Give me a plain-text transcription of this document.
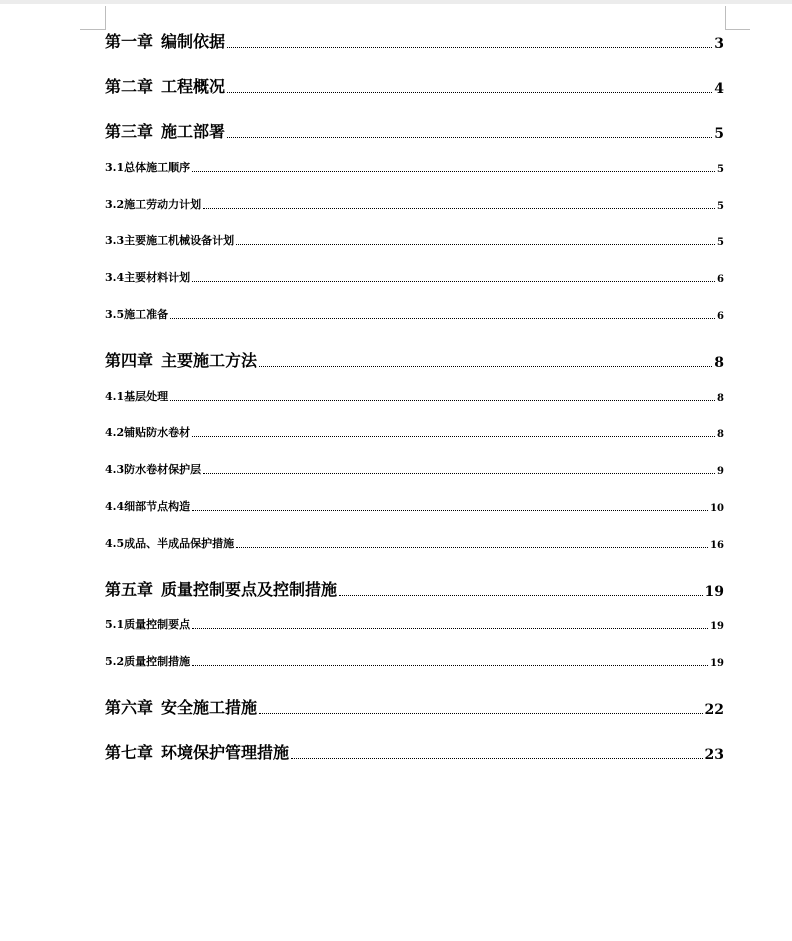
第一章 编制依据	3
第二章 工程概况	4
第三章 施工部署	5
3.1总体施工顺序	5
3.2施工劳动力计划	5
3.3主要施工机械设备计划	5
3.4主要材料计划	6
3.5施工准备	6
第四章 主要施工方法	8
4.1基层处理	8
4.2铺贴防水卷材	8
4.3防水卷材保护层	9
4.4细部节点构造	10
4.5成品、半成品保护措施	16
第五章 质量控制要点及控制措施	19
5.1质量控制要点	19
5.2质量控制措施	19
第六章 安全施工措施	22
第七章 环境保护管理措施	23
